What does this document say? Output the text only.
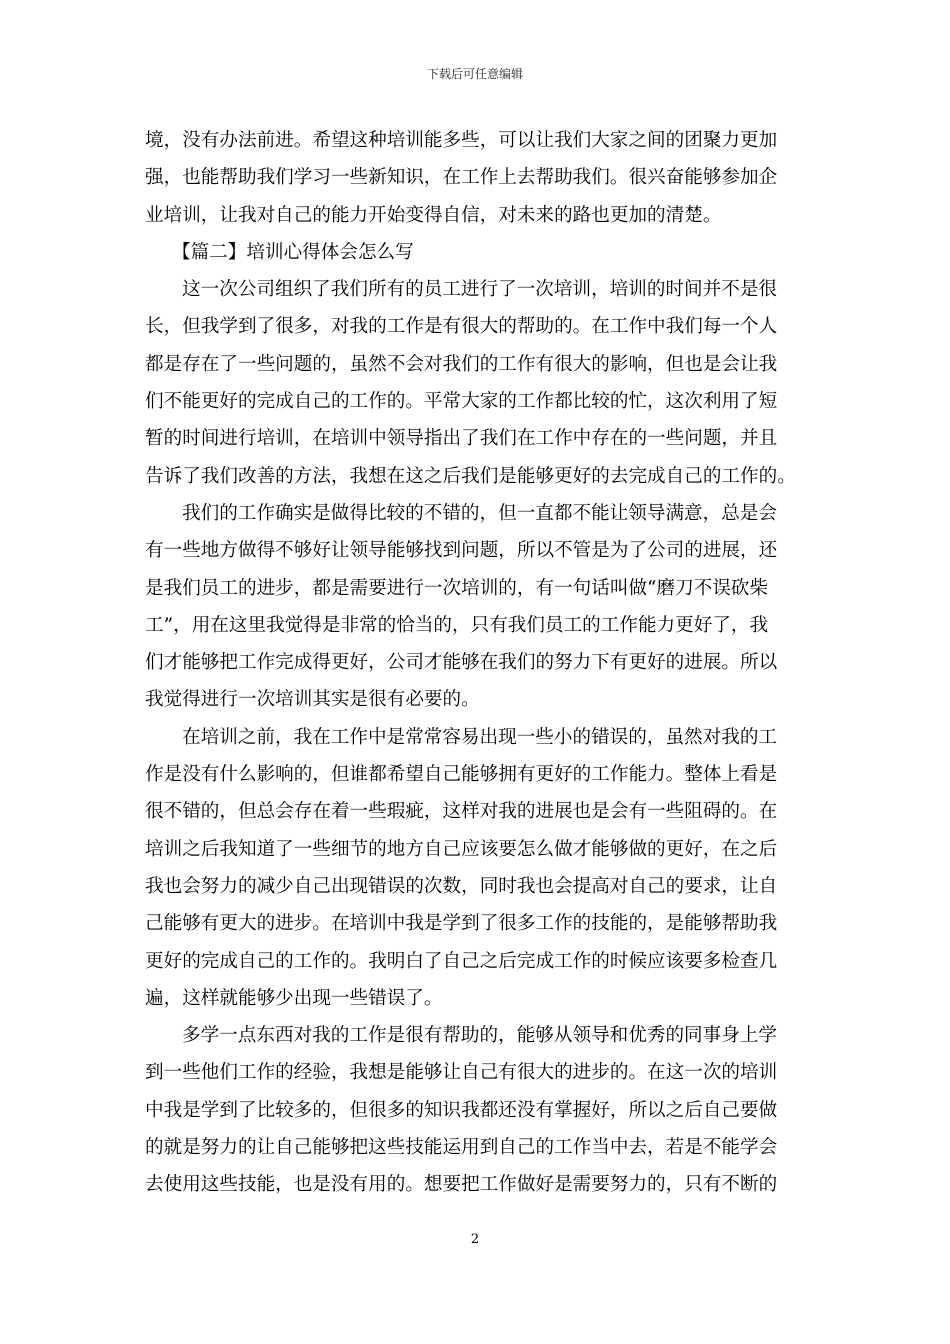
下载后可任意编辑
境，没有办法前进。希望这种培训能多些，可以让我们大家之间的团聚力更加
强，也能帮助我们学习一些新知识，在工作上去帮助我们。很兴奋能够参加企
业培训，让我对自己的能力开始变得自信，对未来的路也更加的清楚。
【篇二】培训心得体会怎么写
这一次公司组织了我们所有的员工进行了一次培训，培训的时间并不是很
长，但我学到了很多，对我的工作是有很大的帮助的。在工作中我们每一个人
都是存在了一些问题的，虽然不会对我们的工作有很大的影响，但也是会让我
们不能更好的完成自己的工作的。平常大家的工作都比较的忙，这次利用了短
暂的时间进行培训，在培训中领导指出了我们在工作中存在的一些问题，并且
告诉了我们改善的方法，我想在这之后我们是能够更好的去完成自己的工作的。
我们的工作确实是做得比较的不错的，但一直都不能让领导满意，总是会
有一些地方做得不够好让领导能够找到问题，所以不管是为了公司的进展，还
是我们员工的进步，都是需要进行一次培训的，有一句话叫做“磨刀不误砍柴
工”，用在这里我觉得是非常的恰当的，只有我们员工的工作能力更好了，我
们才能够把工作完成得更好，公司才能够在我们的努力下有更好的进展。所以
我觉得进行一次培训其实是很有必要的。
在培训之前，我在工作中是常常容易出现一些小的错误的，虽然对我的工
作是没有什么影响的，但谁都希望自己能够拥有更好的工作能力。整体上看是
很不错的，但总会存在着一些瑕疵，这样对我的进展也是会有一些阻碍的。在
培训之后我知道了一些细节的地方自己应该要怎么做才能够做的更好，在之后
我也会努力的减少自己出现错误的次数，同时我也会提高对自己的要求，让自
己能够有更大的进步。在培训中我是学到了很多工作的技能的，是能够帮助我
更好的完成自己的工作的。我明白了自己之后完成工作的时候应该要多检查几
遍，这样就能够少出现一些错误了。
多学一点东西对我的工作是很有帮助的，能够从领导和优秀的同事身上学
到一些他们工作的经验，我想是能够让自己有很大的进步的。在这一次的培训
中我是学到了比较多的，但很多的知识我都还没有掌握好，所以之后自己要做
的就是努力的让自己能够把这些技能运用到自己的工作当中去，若是不能学会
去使用这些技能，也是没有用的。想要把工作做好是需要努力的，只有不断的
2
